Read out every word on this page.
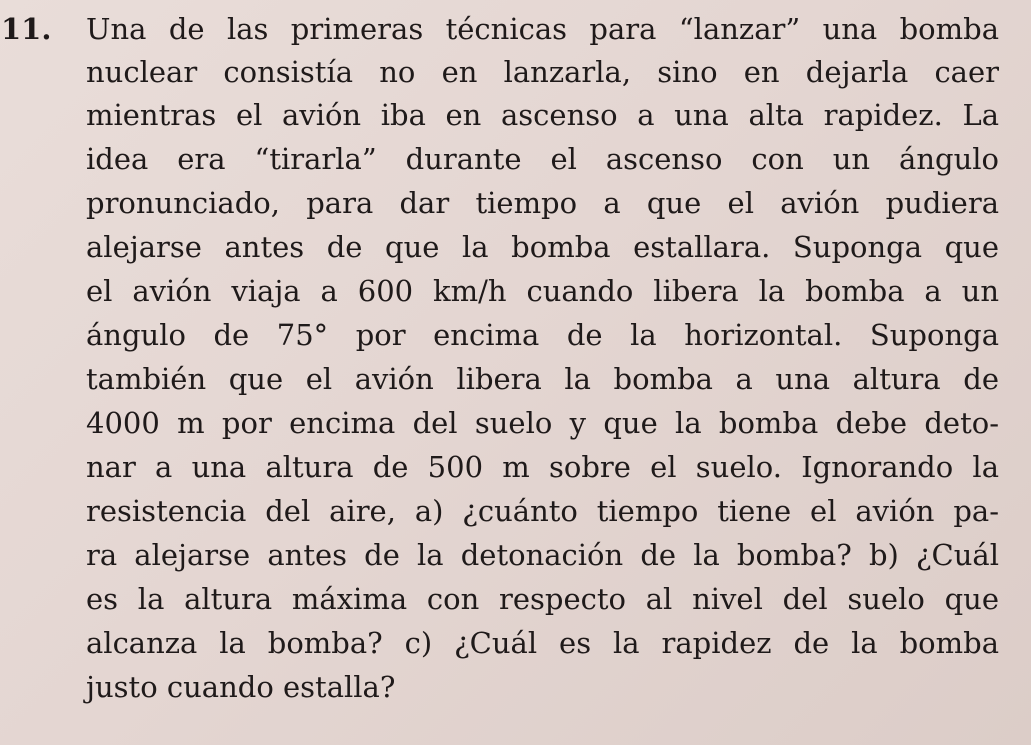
11. Una de las primeras técnicas para “lanzar” una bomba
nuclear consistía no en lanzarla, sino en dejarla caer
mientras el avión iba en ascenso a una alta rapidez. La
idea era “tirarla” durante el ascenso con un ángulo
pronunciado, para dar tiempo a que el avión pudiera
alejarse antes de que la bomba estallara. Suponga que
el avión viaja a 600 km/h cuando libera la bomba a un
ángulo de 75° por encima de la horizontal. Suponga
también que el avión libera la bomba a una altura de
4000 m por encima del suelo y que la bomba debe deto-
nar a una altura de 500 m sobre el suelo. Ignorando la
resistencia del aire, a) ¿cuánto tiempo tiene el avión pa-
ra alejarse antes de la detonación de la bomba? b) ¿Cuál
es la altura máxima con respecto al nivel del suelo que
alcanza la bomba? c) ¿Cuál es la rapidez de la bomba
justo cuando estalla?
